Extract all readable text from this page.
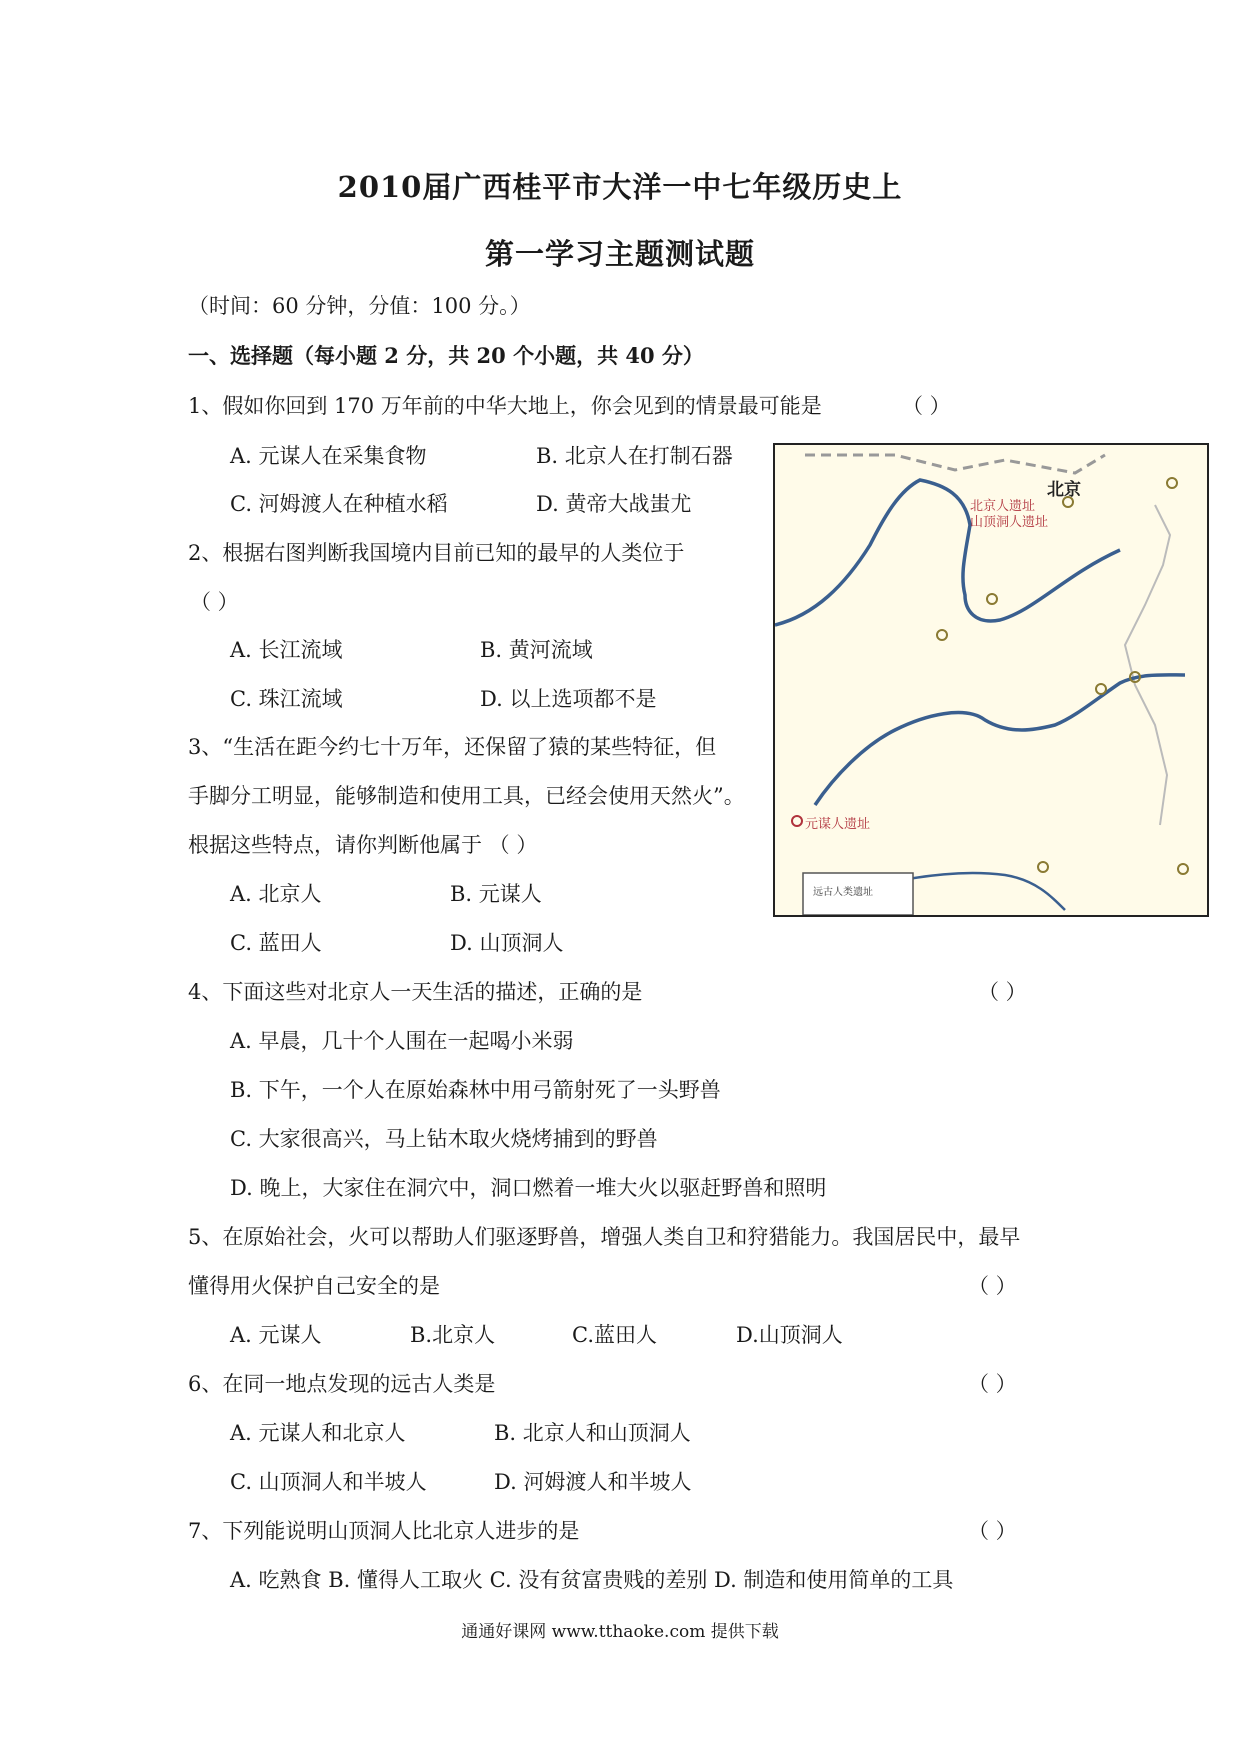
2010届广西桂平市大洋一中七年级历史上
第一学习主题测试题
（时间：60 分钟，分值：100 分。）
一、选择题（每小题 2 分，共 20 个小题，共 40 分）
1、假如你回到 170 万年前的中华大地上，你会见到的情景最可能是	（ ）
A. 元谋人在采集食物	B. 北京人在打制石器
C. 河姆渡人在种植水稻	D. 黄帝大战蚩尤
2、根据右图判断我国境内目前已知的最早的人类位于
（ ）
A. 长江流域	B. 黄河流域
C. 珠江流域	D. 以上选项都不是
3、“生活在距今约七十万年，还保留了猿的某些特征，但
手脚分工明显，能够制造和使用工具，已经会使用天然火”。
根据这些特点，请你判断他属于 （ ）
A. 北京人	B. 元谋人
C. 蓝田人	D. 山顶洞人
4、下面这些对北京人一天生活的描述，正确的是	（ ）
A. 早晨，几十个人围在一起喝小米弱
B. 下午，一个人在原始森林中用弓箭射死了一头野兽
C. 大家很高兴，马上钻木取火烧烤捕到的野兽
D. 晚上，大家住在洞穴中，洞口燃着一堆大火以驱赶野兽和照明
5、在原始社会，火可以帮助人们驱逐野兽，增强人类自卫和狩猎能力。我国居民中，最早
懂得用火保护自己安全的是	（ ）
A. 元谋人	B.北京人	C.蓝田人	D.山顶洞人
6、在同一地点发现的远古人类是	（ ）
A. 元谋人和北京人	B. 北京人和山顶洞人
C. 山顶洞人和半坡人	D. 河姆渡人和半坡人
7、下列能说明山顶洞人比北京人进步的是	（ ）
A. 吃熟食 B. 懂得人工取火 C. 没有贫富贵贱的差别 D. 制造和使用简单的工具
北京
北京人遗址
山顶洞人遗址
元谋人遗址
远古人类遗址
通通好课网 www.tthaoke.com 提供下载
